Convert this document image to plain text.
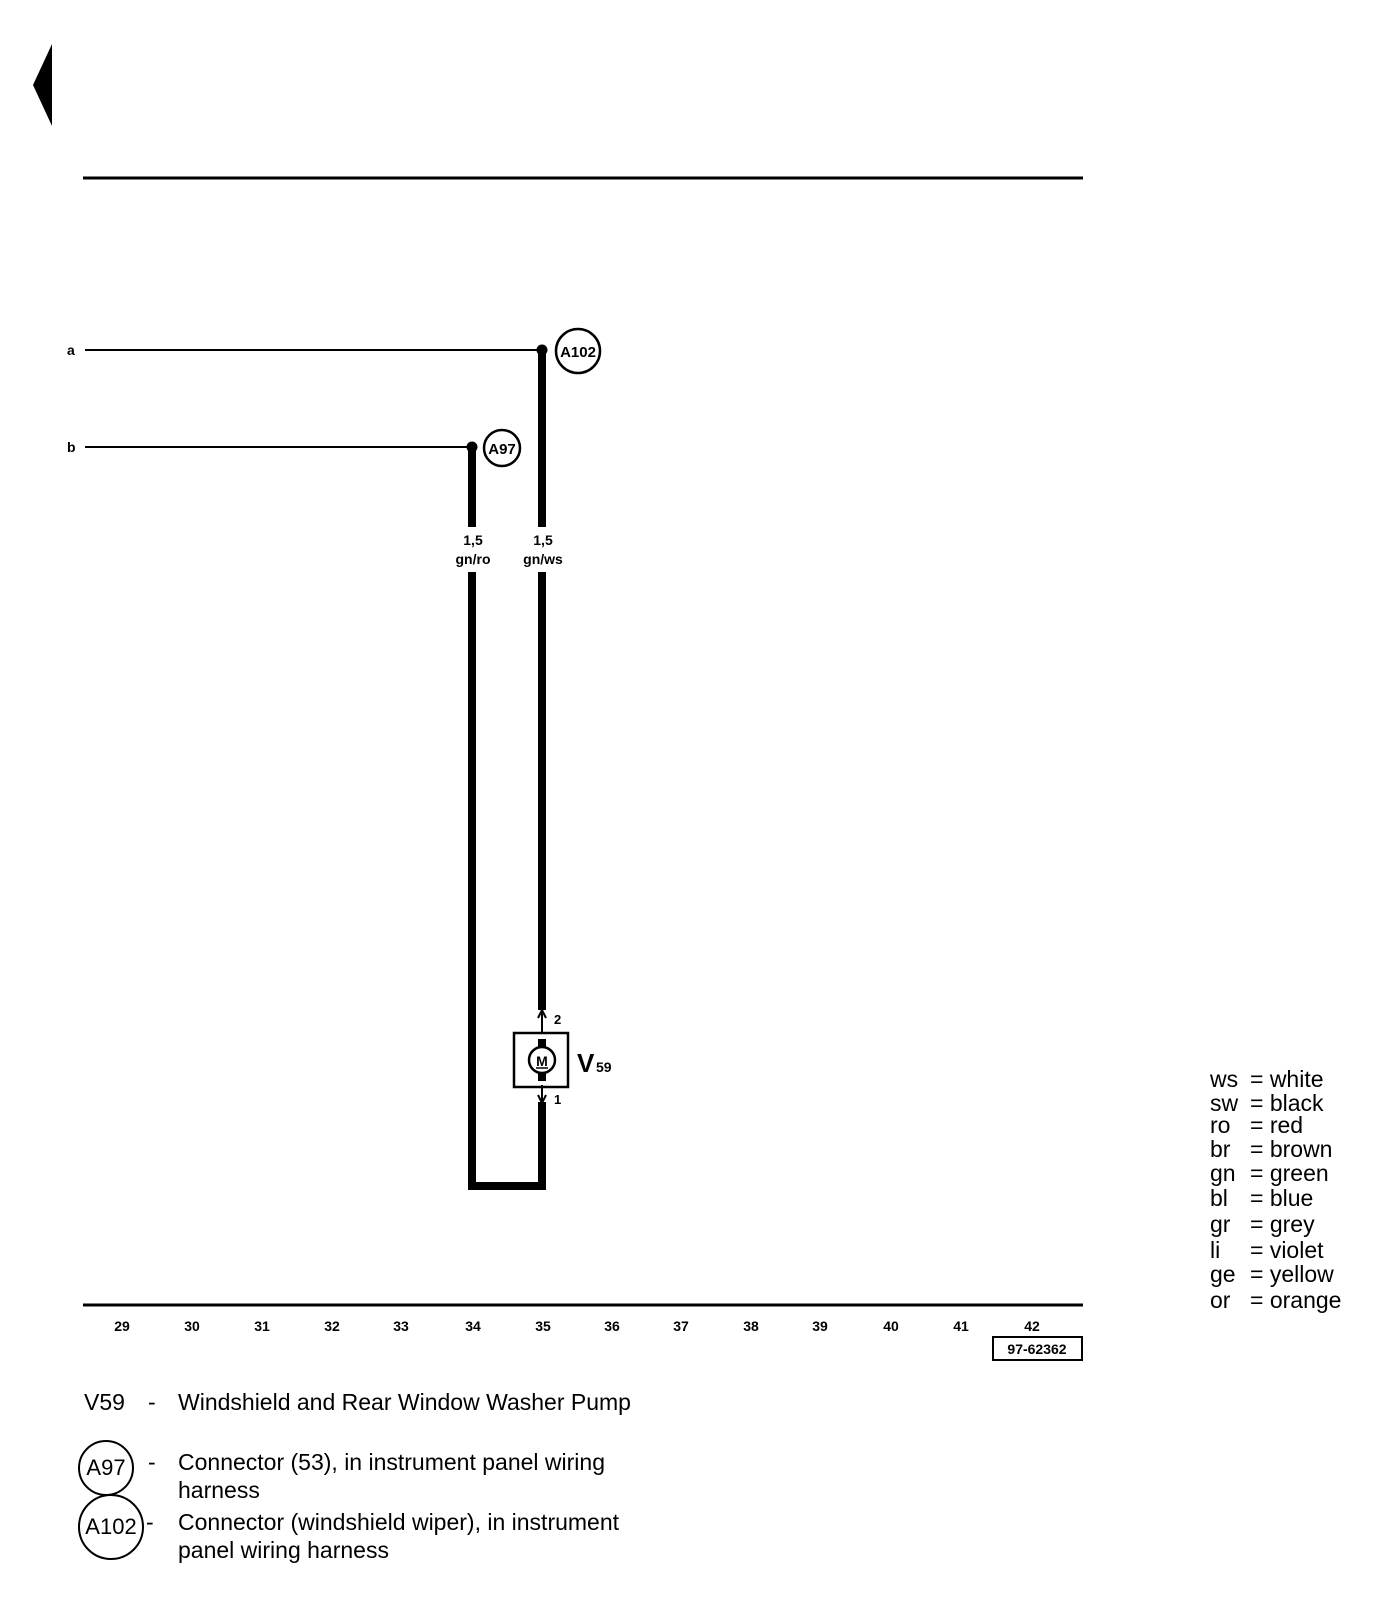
a
b
A102
A97
1,5
gn/ro
1,5
gn/ws
M
2
1
V 59
29	30	31	32	33	34	35	36	37	38	39	40	41	42
97-62362
ws = white
sw = black
ro = red
br = brown
gn = green
bl = blue
gr = grey
li = violet
ge = yellow
or = orange
V59 - Windshield and Rear Window Washer Pump
A97 - Connector (53), in instrument panel wiring harness
A102 - Connector (windshield wiper), in instrument panel wiring harness
